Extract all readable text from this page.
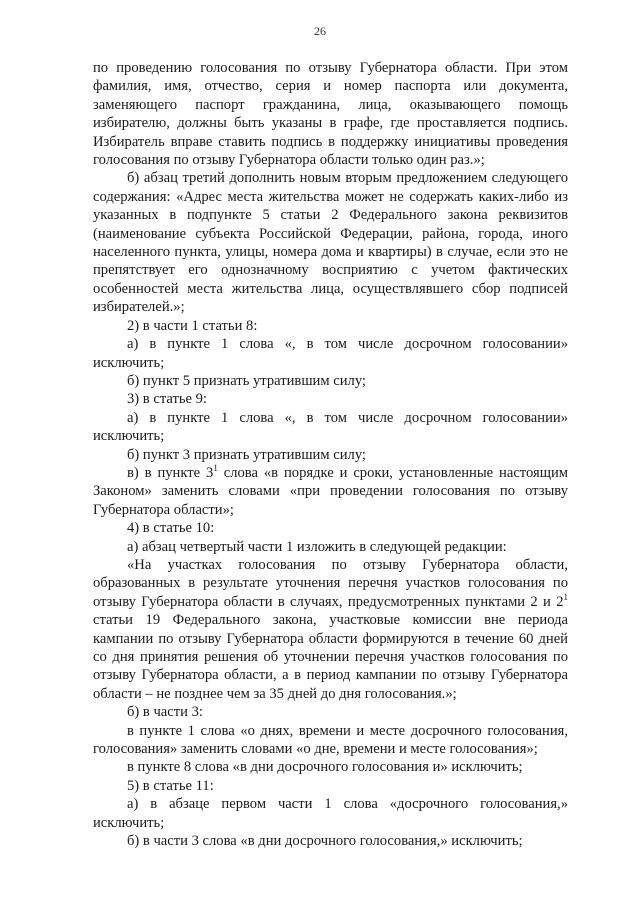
26

по проведению голосования по отзыву Губернатора области. При этом фамилия, имя, отчество, серия и номер паспорта или документа, заменяющего паспорт гражданина, лица, оказывающего помощь избирателю, должны быть указаны в графе, где проставляется подпись. Избиратель вправе ставить подпись в поддержку инициативы проведения голосования по отзыву Губернатора области только один раз.»;

б) абзац третий дополнить новым вторым предложением следующего содержания: «Адрес места жительства может не содержать каких-либо из указанных в подпункте 5 статьи 2 Федерального закона реквизитов (наименование субъекта Российской Федерации, района, города, иного населенного пункта, улицы, номера дома и квартиры) в случае, если это не препятствует его однозначному восприятию с учетом фактических особенностей места жительства лица, осуществлявшего сбор подписей избирателей.»;

2) в части 1 статьи 8:

а) в пункте 1 слова «, в том числе досрочном голосовании» исключить;

б) пункт 5 признать утратившим силу;

3) в статье 9:

а) в пункте 1 слова «, в том числе досрочном голосовании» исключить;

б) пункт 3 признать утратившим силу;

в) в пункте $3^1$ слова «в порядке и сроки, установленные настоящим Законом» заменить словами «при проведении голосования по отзыву Губернатора области»;

4) в статье 10:

а) абзац четвертый части 1 изложить в следующей редакции:

«На участках голосования по отзыву Губернатора области, образованных в результате уточнения перечня участков голосования по отзыву Губернатора области в случаях, предусмотренных пунктами 2 и $2^1$ статьи 19 Федерального закона, участковые комиссии вне периода кампании по отзыву Губернатора области формируются в течение 60 дней со дня принятия решения об уточнении перечня участков голосования по отзыву Губернатора области, а в период кампании по отзыву Губернатора области – не позднее чем за 35 дней до дня голосования.»;

б) в части 3:

в пункте 1 слова «о днях, времени и месте досрочного голосования, голосования» заменить словами «о дне, времени и месте голосования»;

в пункте 8 слова «в дни досрочного голосования и» исключить;

5) в статье 11:

а) в абзаце первом части 1 слова «досрочного голосования,» исключить;

б) в части 3 слова «в дни досрочного голосования,» исключить;
